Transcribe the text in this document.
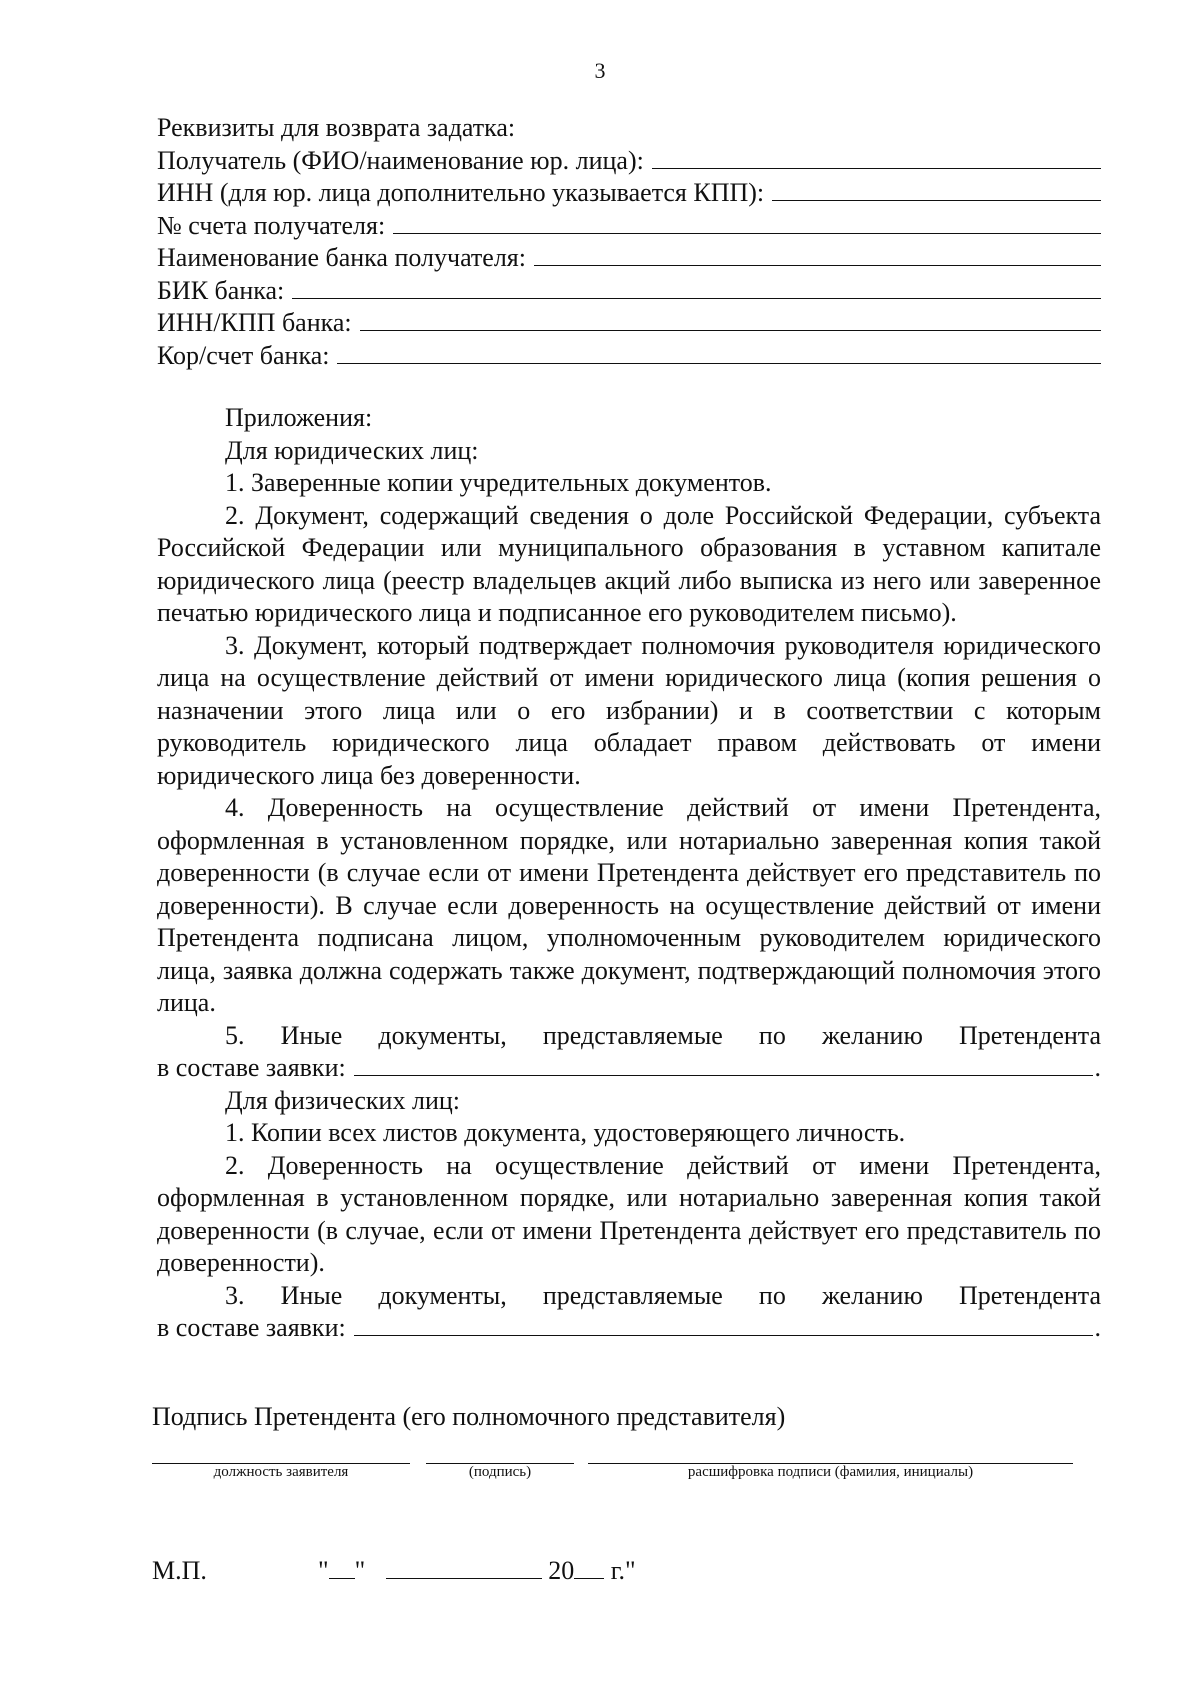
3
Реквизиты для возврата задатка:
Получатель (ФИО/наименование юр. лица):
ИНН (для юр. лица дополнительно указывается КПП):
№ счета получателя:
Наименование банка получателя:
БИК банка:
ИНН/КПП банка:
Кор/счет банка:
Приложения:
Для юридических лиц:
1. Заверенные копии учредительных документов.
2. Документ, содержащий сведения о доле Российской Федерации, субъекта Российской Федерации или муниципального образования в уставном капитале юридического лица (реестр владельцев акций либо выписка из него или заверенное печатью юридического лица и подписанное его руководителем письмо).
3. Документ, который подтверждает полномочия руководителя юридического лица на осуществление действий от имени юридического лица (копия решения о назначении этого лица или о его избрании) и в соответствии с которым руководитель юридического лица обладает правом действовать от имени юридического лица без доверенности.
4. Доверенность на осуществление действий от имени Претендента, оформленная в установленном порядке, или нотариально заверенная копия такой доверенности (в случае если от имени Претендента действует его представитель по доверенности). В случае если доверенность на осуществление действий от имени Претендента подписана лицом, уполномоченным руководителем юридического лица, заявка должна содержать также документ, подтверждающий полномочия этого лица.
5. Иные документы, представляемые по желанию Претендента
в составе заявки:	.
Для физических лиц:
1. Копии всех листов документа, удостоверяющего личность.
2. Доверенность на осуществление действий от имени Претендента, оформленная в установленном порядке, или нотариально заверенная копия такой доверенности (в случае, если от имени Претендента действует его представитель по доверенности).
3. Иные документы, представляемые по желанию Претендента
в составе заявки:	.
Подпись Претендента (его полномочного представителя)
должность заявителя	(подпись)	расшифровка подписи (фамилия, инициалы)
М.П.	" "	20 г."
